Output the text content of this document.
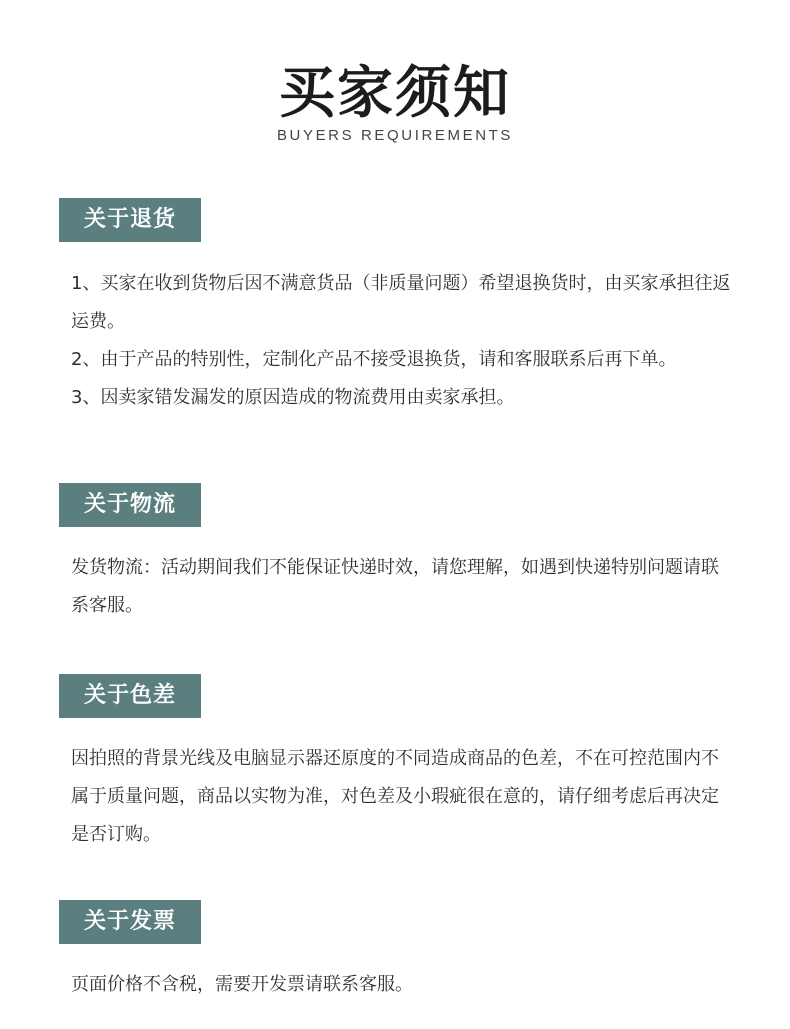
买家须知
BUYERS REQUIREMENTS
关于退货

1、买家在收到货物后因不满意货品（非质量问题）希望退换货时，由买家承担往返运费。

2、由于产品的特别性，定制化产品不接受退换货，请和客服联系后再下单。

3、因卖家错发漏发的原因造成的物流费用由卖家承担。

关于物流

发货物流：活动期间我们不能保证快递时效，请您理解，如遇到快递特别问题请联系客服。

关于色差

因拍照的背景光线及电脑显示器还原度的不同造成商品的色差，不在可控范围内不属于质量问题，商品以实物为准，对色差及小瑕疵很在意的，请仔细考虑后再决定是否订购。

关于发票

页面价格不含税，需要开发票请联系客服。
